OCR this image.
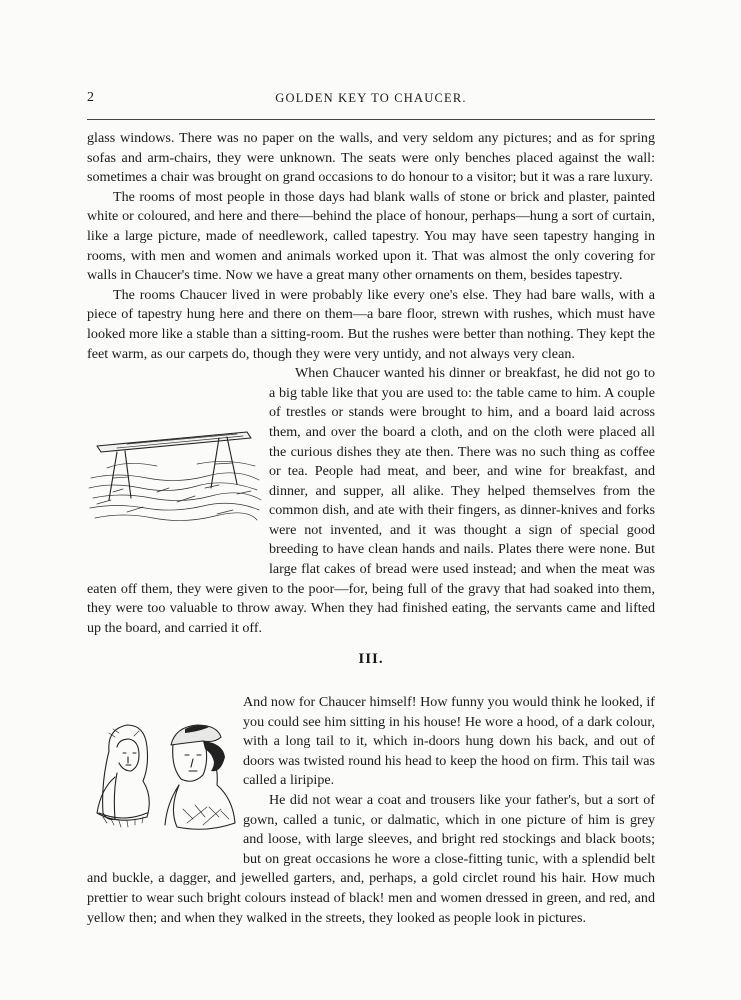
2	GOLDEN KEY TO CHAUCER.

glass windows. There was no paper on the walls, and very seldom any pictures; and as for spring sofas and arm-chairs, they were unknown. The seats were only benches placed against the wall: sometimes a chair was brought on grand occasions to do honour to a visitor; but it was a rare luxury.

The rooms of most people in those days had blank walls of stone or brick and plaster, painted white or coloured, and here and there—behind the place of honour, perhaps—hung a sort of curtain, like a large picture, made of needlework, called tapestry. You may have seen tapestry hanging in rooms, with men and women and animals worked upon it. That was almost the only covering for walls in Chaucer's time. Now we have a great many other ornaments on them, besides tapestry.

The rooms Chaucer lived in were probably like every one's else. They had bare walls, with a piece of tapestry hung here and there on them—a bare floor, strewn with rushes, which must have looked more like a stable than a sitting-room. But the rushes were better than nothing. They kept the feet warm, as our carpets do, though they were very untidy, and not always very clean.

When Chaucer wanted his dinner or breakfast, he did not go to a big table like that you are used to: the table came to him. A couple of trestles or stands were brought to him, and a board laid across them, and over the board a cloth, and on the cloth were placed all the curious dishes they ate then. There was no such thing as coffee or tea. People had meat, and beer, and wine for breakfast, and dinner, and supper, all alike. They helped themselves from the common dish, and ate with their fingers, as dinner-knives and forks were not invented, and it was thought a sign of special good breeding to have clean hands and nails. Plates there were none. But large flat cakes of bread were used instead; and when the meat was eaten off them, they were given to the poor—for, being full of the gravy that had soaked into them, they were too valuable to throw away. When they had finished eating, the servants came and lifted up the board, and carried it off.

III.

And now for Chaucer himself! How funny you would think he looked, if you could see him sitting in his house! He wore a hood, of a dark colour, with a long tail to it, which in-doors hung down his back, and out of doors was twisted round his head to keep the hood on firm. This tail was called a liripipe.

He did not wear a coat and trousers like your father's, but a sort of gown, called a tunic, or dalmatic, which in one picture of him is grey and loose, with large sleeves, and bright red stockings and black boots; but on great occasions he wore a close-fitting tunic, with a splendid belt and buckle, a dagger, and jewelled garters, and, perhaps, a gold circlet round his hair. How much prettier to wear such bright colours instead of black! men and women dressed in green, and red, and yellow then; and when they walked in the streets, they looked as people look in pictures.
